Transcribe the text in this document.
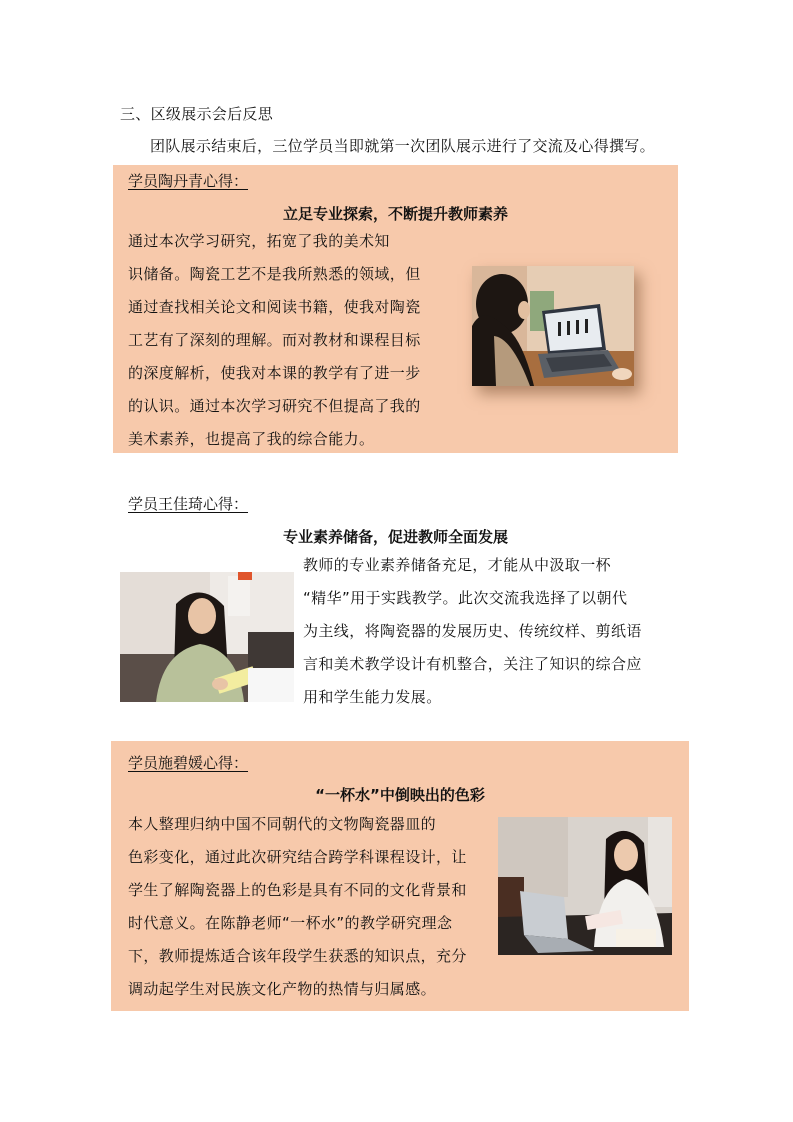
三、区级展示会后反思
团队展示结束后，三位学员当即就第一次团队展示进行了交流及心得撰写。
学员陶丹青心得：
立足专业探索，不断提升教师素养
通过本次学习研究，拓宽了我的美术知
识储备。陶瓷工艺不是我所熟悉的领域，但
通过查找相关论文和阅读书籍，使我对陶瓷
工艺有了深刻的理解。而对教材和课程目标
的深度解析，使我对本课的教学有了进一步
的认识。通过本次学习研究不但提高了我的
美术素养，也提高了我的综合能力。
学员王佳琦心得：
专业素养储备，促进教师全面发展
教师的专业素养储备充足，才能从中汲取一杯
“精华”用于实践教学。此次交流我选择了以朝代
为主线，将陶瓷器的发展历史、传统纹样、剪纸语
言和美术教学设计有机整合，关注了知识的综合应
用和学生能力发展。
学员施碧媛心得：
“一杯水”中倒映出的色彩
本人整理归纳中国不同朝代的文物陶瓷器皿的
色彩变化，通过此次研究结合跨学科课程设计，让
学生了解陶瓷器上的色彩是具有不同的文化背景和
时代意义。在陈静老师“一杯水”的教学研究理念
下，教师提炼适合该年段学生获悉的知识点，充分
调动起学生对民族文化产物的热情与归属感。
